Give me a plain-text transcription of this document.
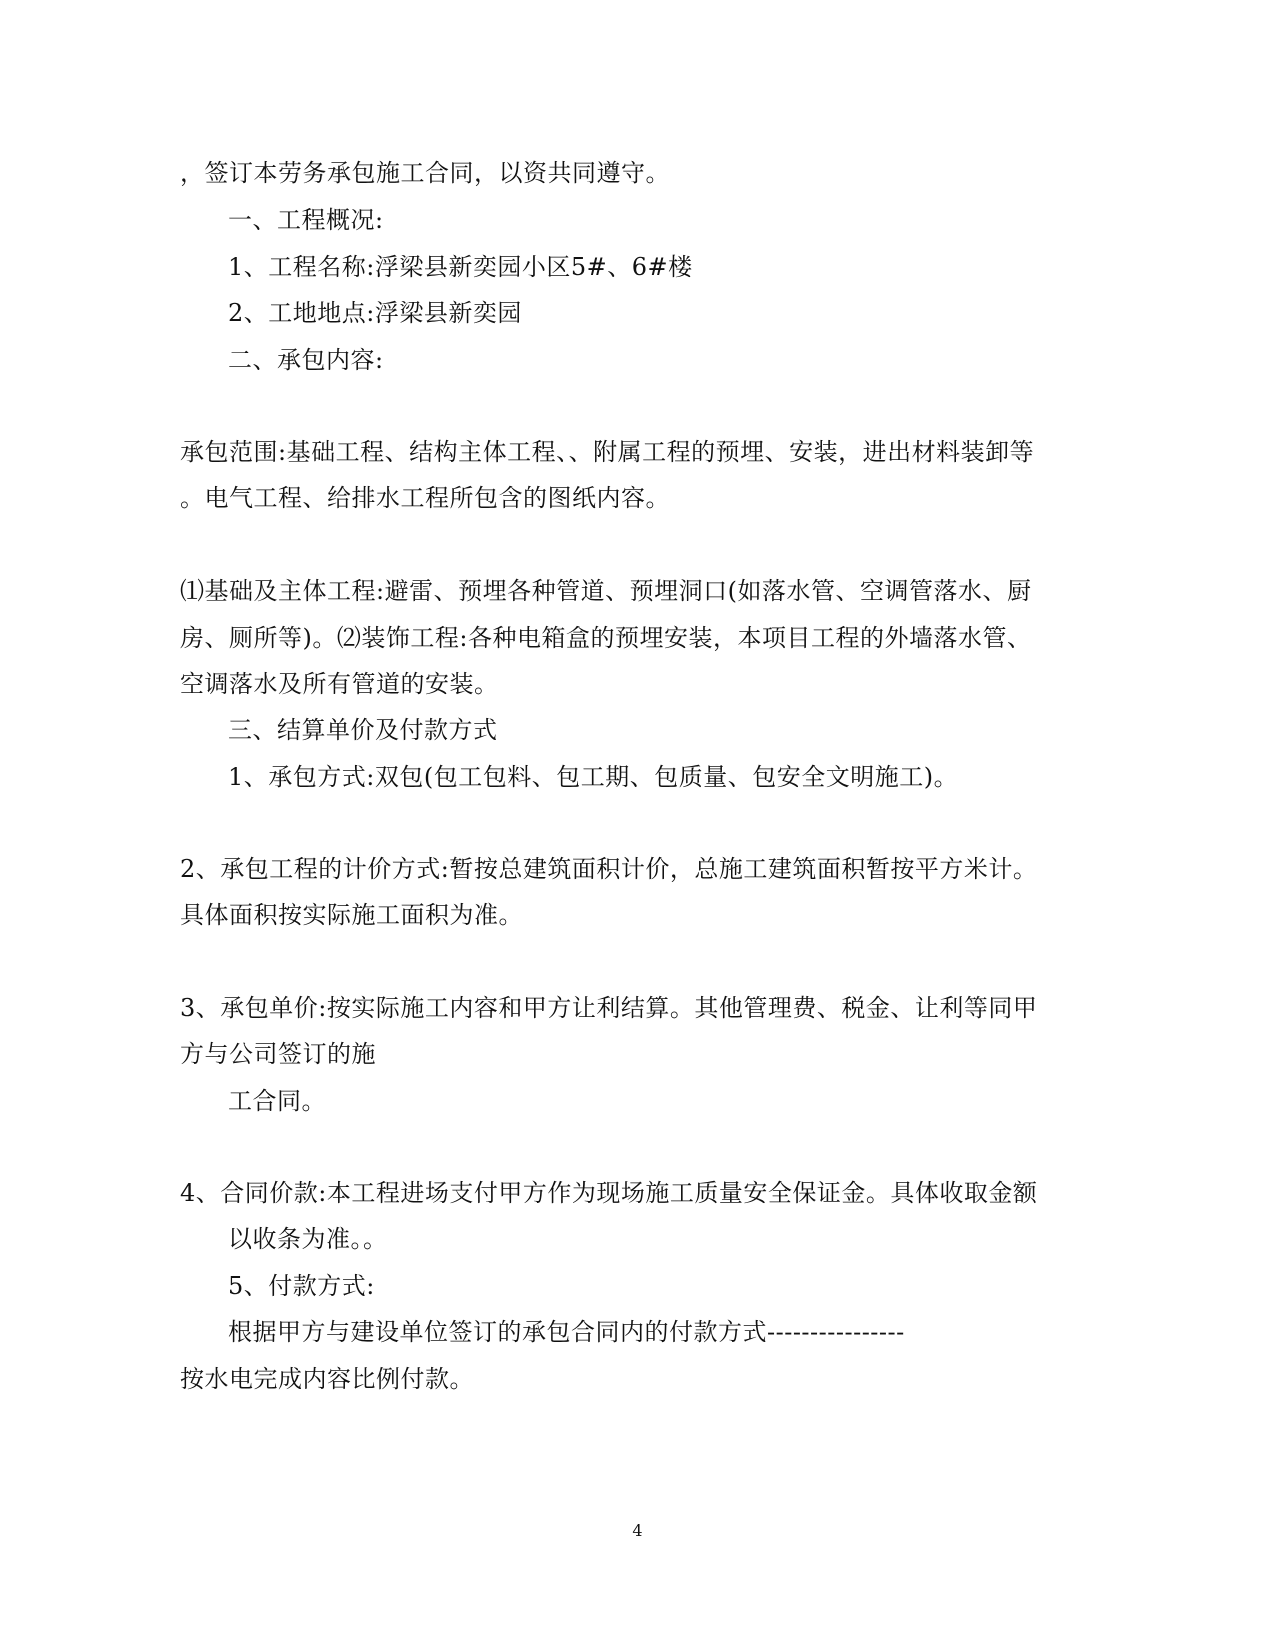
，签订本劳务承包施工合同，以资共同遵守。
一、工程概况:
1、工程名称:浮梁县新奕园小区5#、6#楼
2、工地地点:浮梁县新奕园
二、承包内容:
承包范围:基础工程、结构主体工程、、附属工程的预埋、安装，进出材料装卸等
。电气工程、给排水工程所包含的图纸内容。
⑴基础及主体工程:避雷、预埋各种管道、预埋洞口(如落水管、空调管落水、厨
房、厕所等)。⑵装饰工程:各种电箱盒的预埋安装，本项目工程的外墙落水管、
空调落水及所有管道的安装。
三、结算单价及付款方式
1、承包方式:双包(包工包料、包工期、包质量、包安全文明施工)。
2、承包工程的计价方式:暂按总建筑面积计价，总施工建筑面积暂按平方米计。
具体面积按实际施工面积为准。
3、承包单价:按实际施工内容和甲方让利结算。其他管理费、税金、让利等同甲
方与公司签订的施
工合同。
4、合同价款:本工程进场支付甲方作为现场施工质量安全保证金。具体收取金额
以收条为准。。
5、付款方式:
根据甲方与建设单位签订的承包合同内的付款方式----------------
按水电完成内容比例付款。
4
